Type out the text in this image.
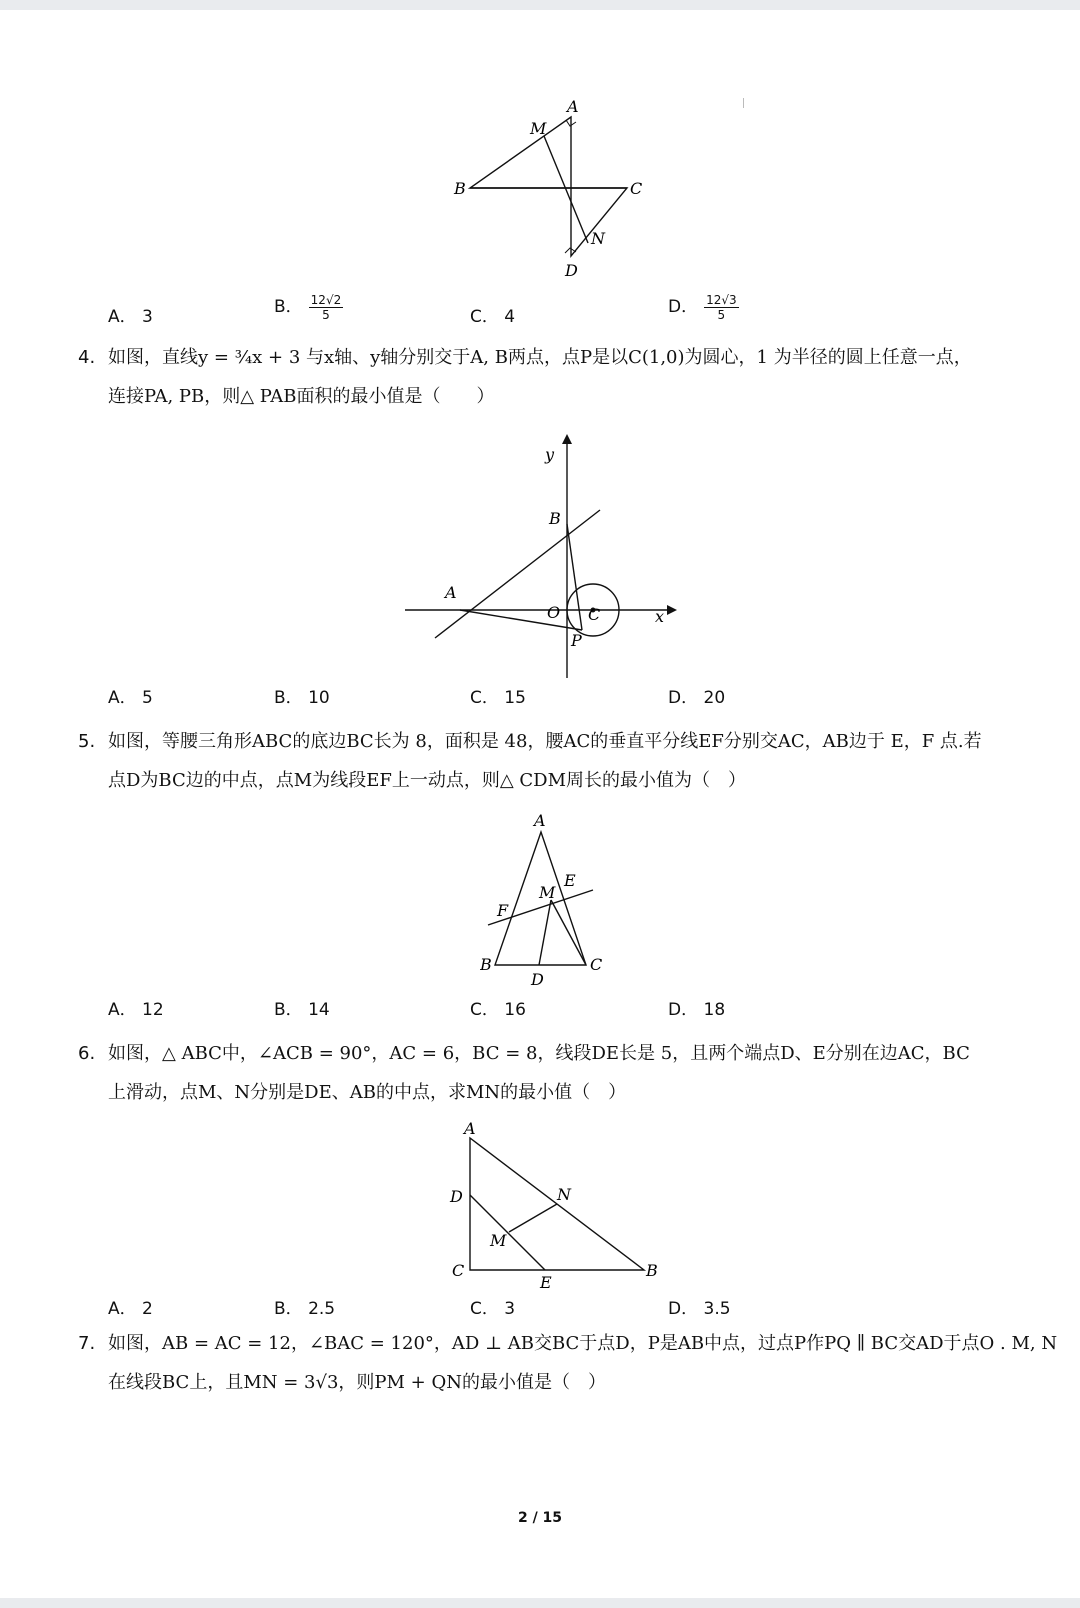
A
M
B	C
N
D
A． 3	B． $\frac{12√2}{5}$	C． 4	D． $\frac{12√3}{5}$
4. 如图，直线y = ¾x + 3 与x轴、y轴分别交于A, B两点，点P是以C(1,0)为圆心，1 为半径的圆上任意一点，
连接PA, PB，则△ PAB面积的最小值是（　　）
y
B
A
O C	x
P
A． 5	B． 10	C． 15	D． 20
5. 如图，等腰三角形ABC的底边BC长为 8，面积是 48，腰AC的垂直平分线EF分别交AC，AB边于 E，F 点.若
点D为BC边的中点，点M为线段EF上一动点，则△ CDM周长的最小值为（　）
A
M
E
F
B
D
C
A． 12	B． 14	C． 16	D． 18
6. 如图，△ ABC中，∠ACB = 90°，AC = 6，BC = 8，线段DE长是 5，且两个端点D、E分别在边AC，BC
上滑动，点M、N分别是DE、AB的中点，求MN的最小值（　）
A
D	N
M
C
E
B
A． 2	B． 2.5	C． 3	D． 3.5
7. 如图，AB = AC = 12，∠BAC = 120°，AD ⊥ AB交BC于点D，P是AB中点，过点P作PQ ∥ BC交AD于点O . M, N
在线段BC上，且MN = 3√3，则PM + QN的最小值是（　）
2 / 15
